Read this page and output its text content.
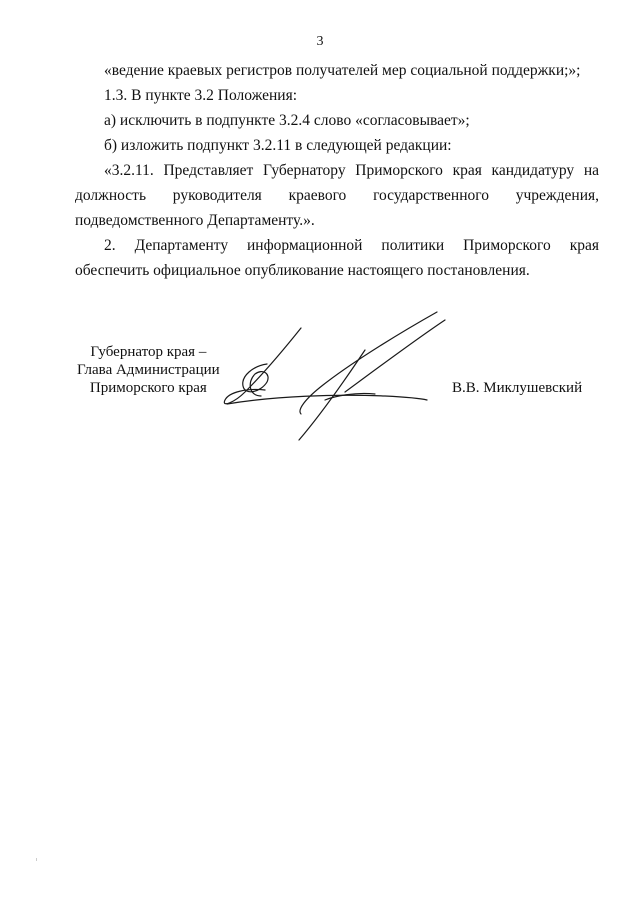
3

«ведение краевых регистров получателей мер социальной поддержки;»;

1.3. В пункте 3.2 Положения:

а) исключить в подпункте 3.2.4 слово «согласовывает»;

б) изложить подпункт 3.2.11 в следующей редакции:

«3.2.11. Представляет Губернатору Приморского края кандидатуру на должность руководителя краевого государственного учреждения, подведомственного Департаменту.».

2. Департаменту информационной политики Приморского края обеспечить официальное опубликование настоящего постановления.

Губернатор края –
Глава Администрации
Приморского края	В.В. Миклушевский
